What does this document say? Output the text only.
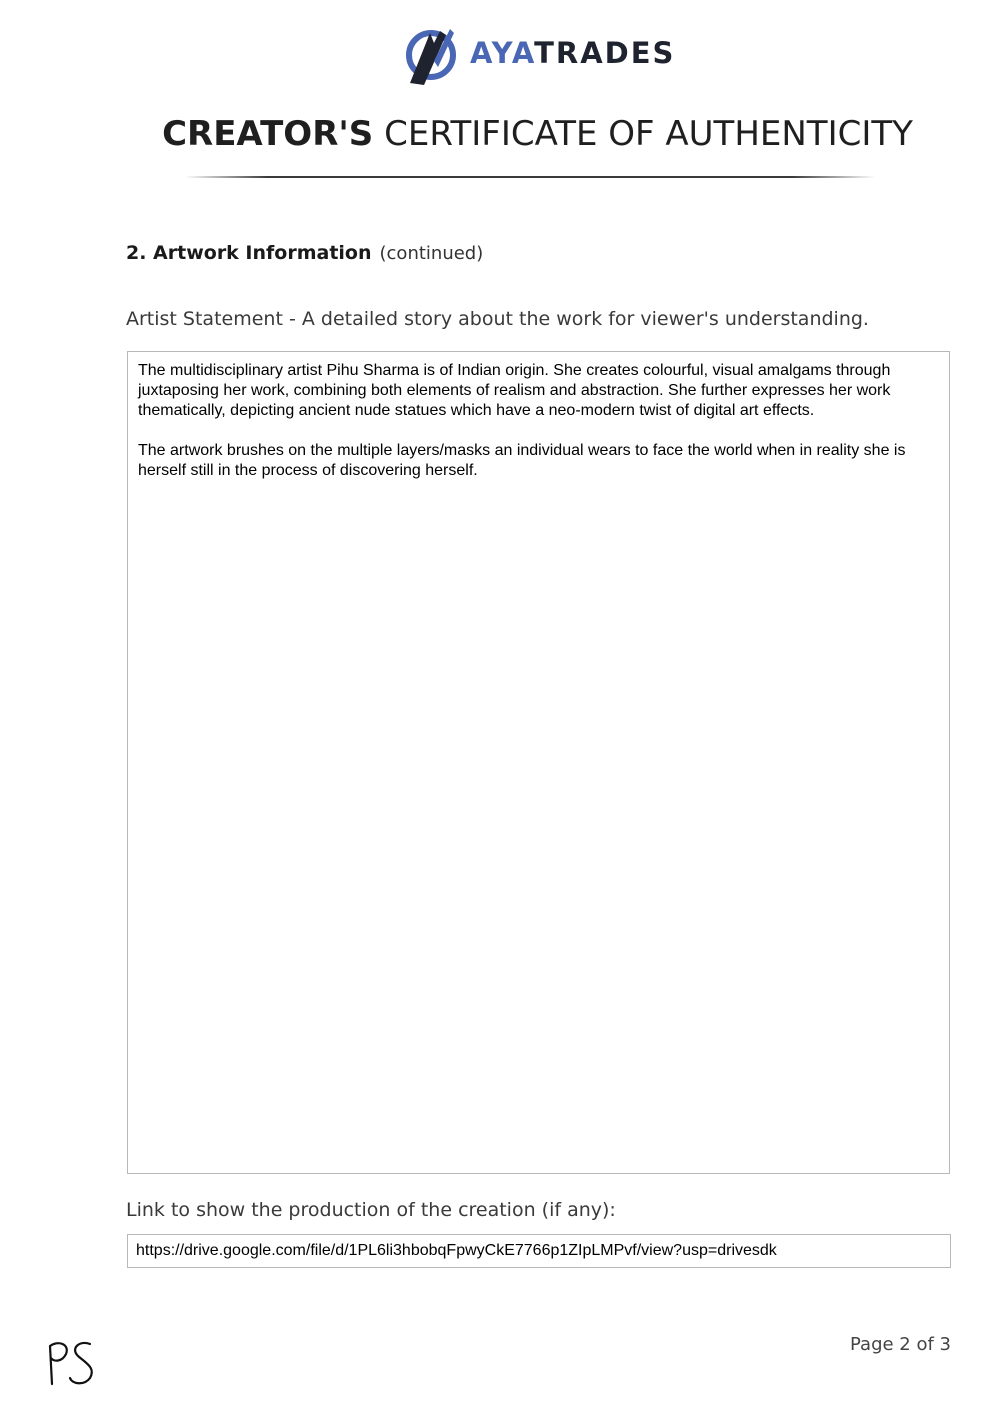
AYATRADES
CREATOR'S CERTIFICATE OF AUTHENTICITY
2. Artwork Information (continued)
Artist Statement - A detailed story about the work for viewer's understanding.

The multidisciplinary artist Pihu Sharma is of Indian origin. She creates colourful, visual amalgams through juxtaposing her work, combining both elements of realism and abstraction. She further expresses her work thematically, depicting ancient nude statues which have a neo-modern twist of digital art effects.

The artwork brushes on the multiple layers/masks an individual wears to face the world when in reality she is herself still in the process of discovering herself.

Link to show the production of the creation (if any):
https://drive.google.com/file/d/1PL6li3hbobqFpwyCkE7766p1ZIpLMPvf/view?usp=drivesdk
Page 2 of 3
